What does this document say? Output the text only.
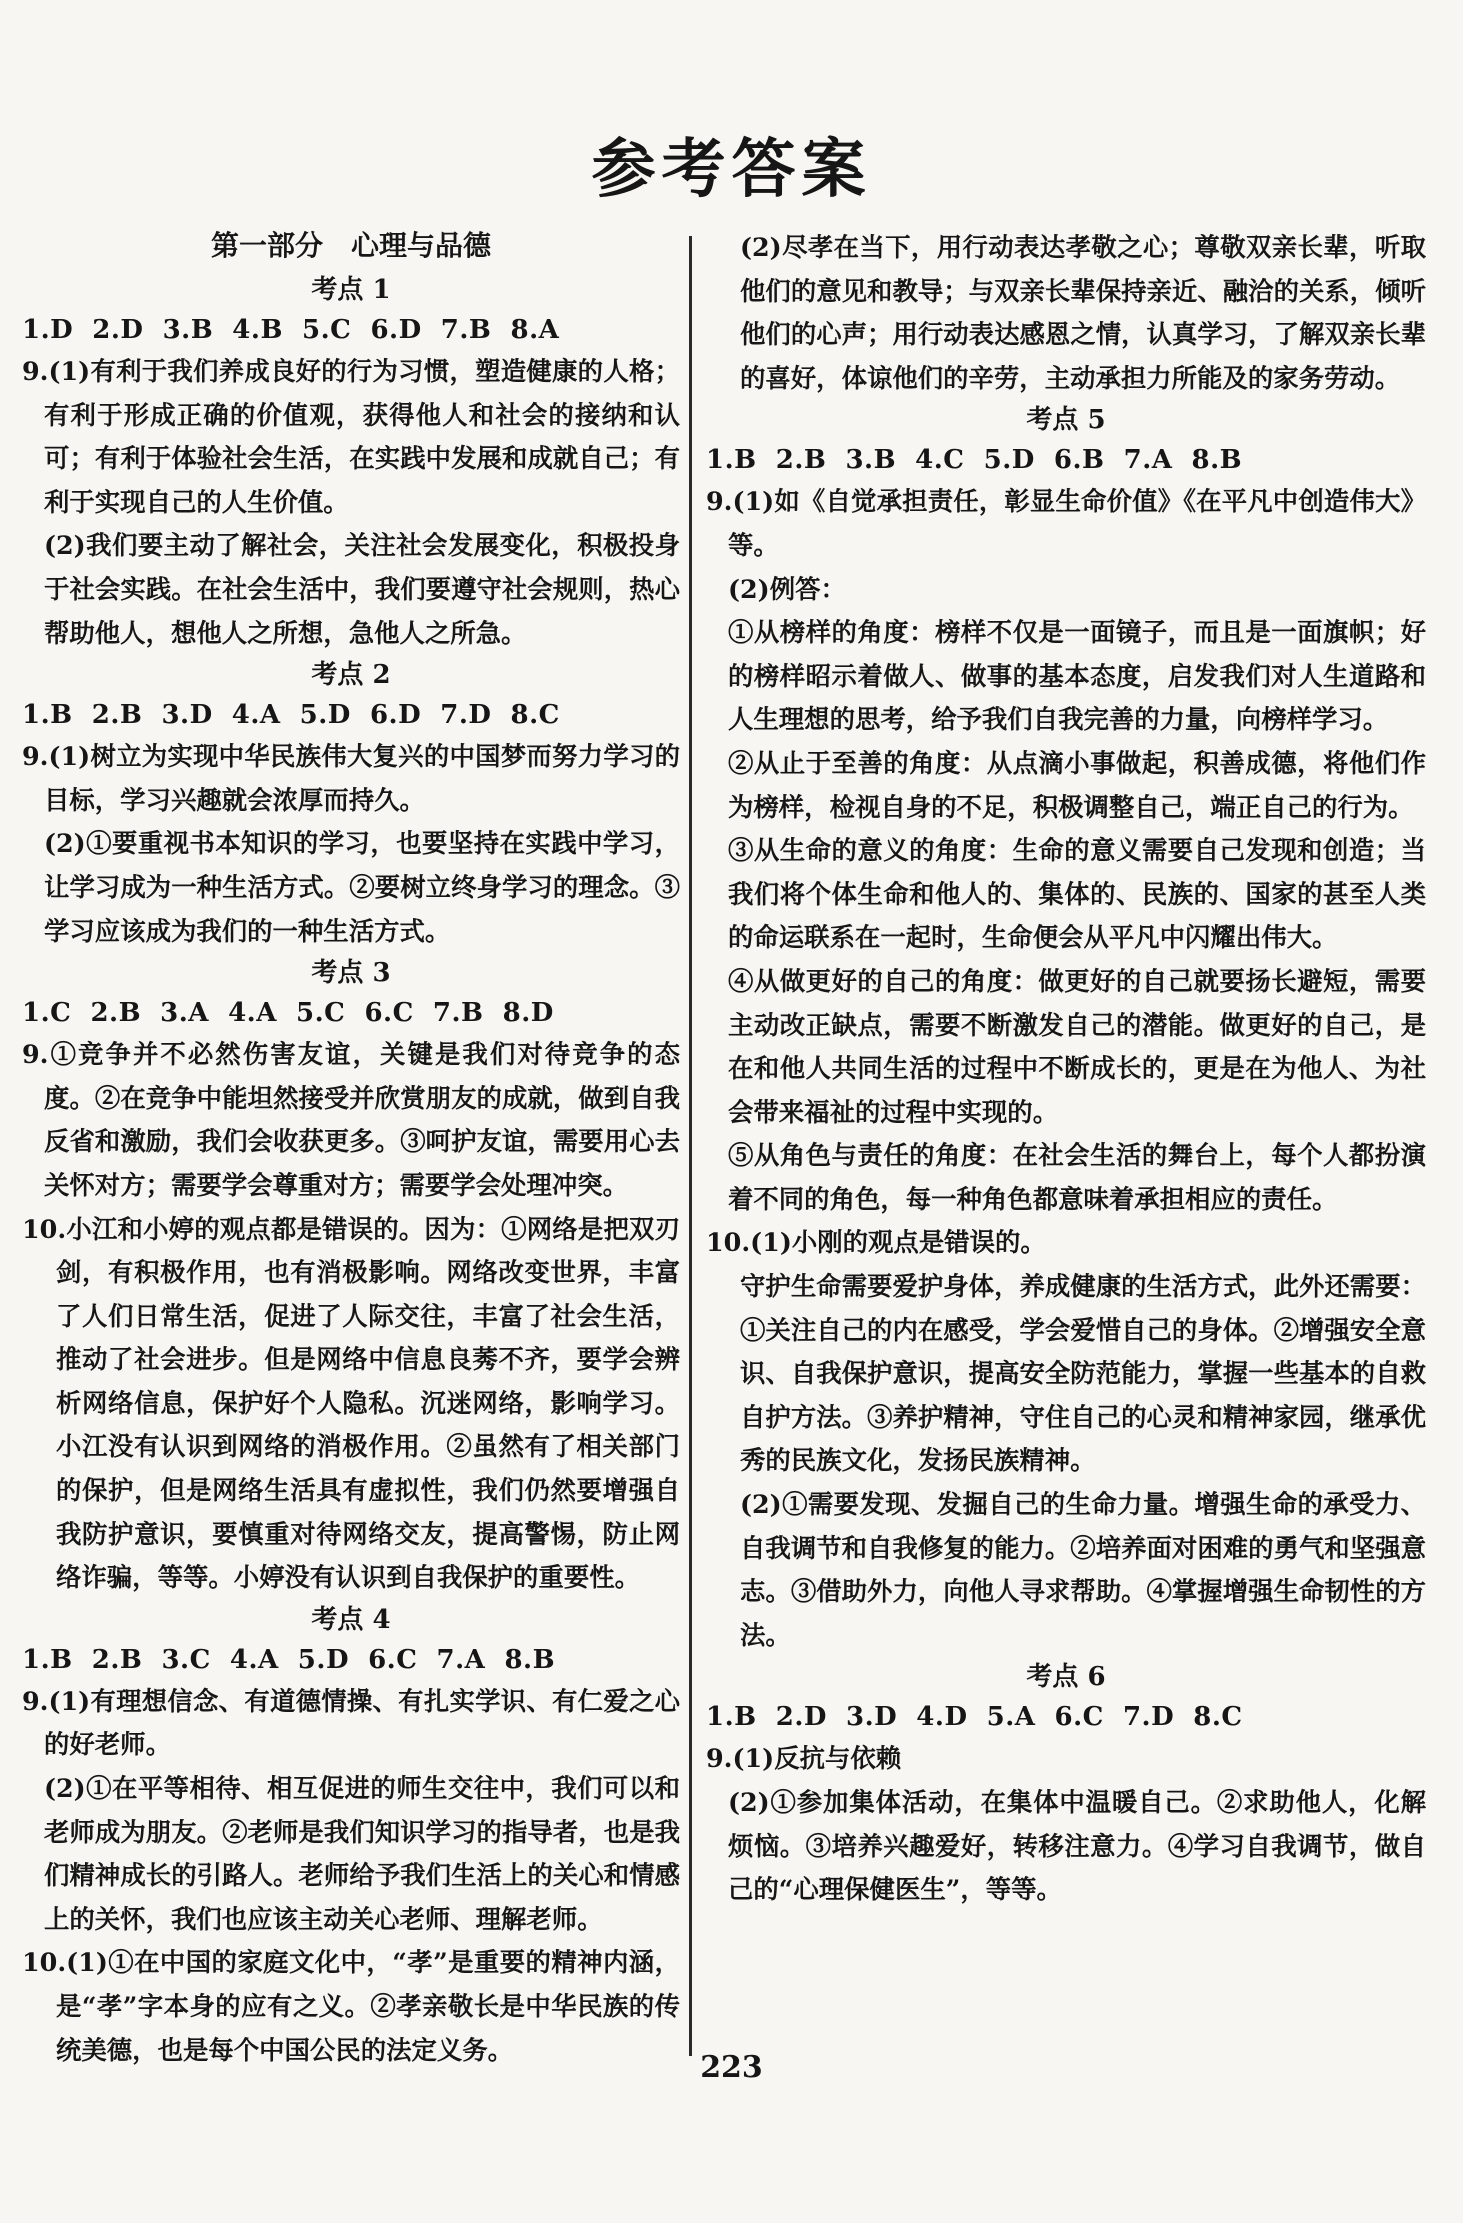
参考答案
第一部分　心理与品德
考点 1
1.D  2.D  3.B  4.B  5.C  6.D  7.B  8.A
9.(1)有利于我们养成良好的行为习惯，塑造健康的人格；有利于形成正确的价值观，获得他人和社会的接纳和认可；有利于体验社会生活，在实践中发展和成就自己；有利于实现自己的人生价值。
(2)我们要主动了解社会，关注社会发展变化，积极投身于社会实践。在社会生活中，我们要遵守社会规则，热心帮助他人，想他人之所想，急他人之所急。
考点 2
1.B  2.B  3.D  4.A  5.D  6.D  7.D  8.C
9.(1)树立为实现中华民族伟大复兴的中国梦而努力学习的目标，学习兴趣就会浓厚而持久。
(2)①要重视书本知识的学习，也要坚持在实践中学习，让学习成为一种生活方式。②要树立终身学习的理念。③学习应该成为我们的一种生活方式。
考点 3
1.C  2.B  3.A  4.A  5.C  6.C  7.B  8.D
9.①竞争并不必然伤害友谊，关键是我们对待竞争的态度。②在竞争中能坦然接受并欣赏朋友的成就，做到自我反省和激励，我们会收获更多。③呵护友谊，需要用心去关怀对方；需要学会尊重对方；需要学会处理冲突。
10.小江和小婷的观点都是错误的。因为：①网络是把双刃剑，有积极作用，也有消极影响。网络改变世界，丰富了人们日常生活，促进了人际交往，丰富了社会生活，推动了社会进步。但是网络中信息良莠不齐，要学会辨析网络信息，保护好个人隐私。沉迷网络，影响学习。小江没有认识到网络的消极作用。②虽然有了相关部门的保护，但是网络生活具有虚拟性，我们仍然要增强自我防护意识，要慎重对待网络交友，提高警惕，防止网络诈骗，等等。小婷没有认识到自我保护的重要性。
考点 4
1.B  2.B  3.C  4.A  5.D  6.C  7.A  8.B
9.(1)有理想信念、有道德情操、有扎实学识、有仁爱之心的好老师。
(2)①在平等相待、相互促进的师生交往中，我们可以和老师成为朋友。②老师是我们知识学习的指导者，也是我们精神成长的引路人。老师给予我们生活上的关心和情感上的关怀，我们也应该主动关心老师、理解老师。
10.(1)①在中国的家庭文化中，“孝”是重要的精神内涵，是“孝”字本身的应有之义。②孝亲敬长是中华民族的传统美德，也是每个中国公民的法定义务。
(2)尽孝在当下，用行动表达孝敬之心；尊敬双亲长辈，听取他们的意见和教导；与双亲长辈保持亲近、融洽的关系，倾听他们的心声；用行动表达感恩之情，认真学习，了解双亲长辈的喜好，体谅他们的辛劳，主动承担力所能及的家务劳动。
考点 5
1.B  2.B  3.B  4.C  5.D  6.B  7.A  8.B
9.(1)如《自觉承担责任，彰显生命价值》《在平凡中创造伟大》等。
(2)例答：
①从榜样的角度：榜样不仅是一面镜子，而且是一面旗帜；好的榜样昭示着做人、做事的基本态度，启发我们对人生道路和人生理想的思考，给予我们自我完善的力量，向榜样学习。
②从止于至善的角度：从点滴小事做起，积善成德，将他们作为榜样，检视自身的不足，积极调整自己，端正自己的行为。
③从生命的意义的角度：生命的意义需要自己发现和创造；当我们将个体生命和他人的、集体的、民族的、国家的甚至人类的命运联系在一起时，生命便会从平凡中闪耀出伟大。
④从做更好的自己的角度：做更好的自己就要扬长避短，需要主动改正缺点，需要不断激发自己的潜能。做更好的自己，是在和他人共同生活的过程中不断成长的，更是在为他人、为社会带来福祉的过程中实现的。
⑤从角色与责任的角度：在社会生活的舞台上，每个人都扮演着不同的角色，每一种角色都意味着承担相应的责任。
10.(1)小刚的观点是错误的。
守护生命需要爱护身体，养成健康的生活方式，此外还需要：①关注自己的内在感受，学会爱惜自己的身体。②增强安全意识、自我保护意识，提高安全防范能力，掌握一些基本的自救自护方法。③养护精神，守住自己的心灵和精神家园，继承优秀的民族文化，发扬民族精神。
(2)①需要发现、发掘自己的生命力量。增强生命的承受力、自我调节和自我修复的能力。②培养面对困难的勇气和坚强意志。③借助外力，向他人寻求帮助。④掌握增强生命韧性的方法。
考点 6
1.B  2.D  3.D  4.D  5.A  6.C  7.D  8.C
9.(1)反抗与依赖
(2)①参加集体活动，在集体中温暖自己。②求助他人，化解烦恼。③培养兴趣爱好，转移注意力。④学习自我调节，做自己的“心理保健医生”，等等。
223
